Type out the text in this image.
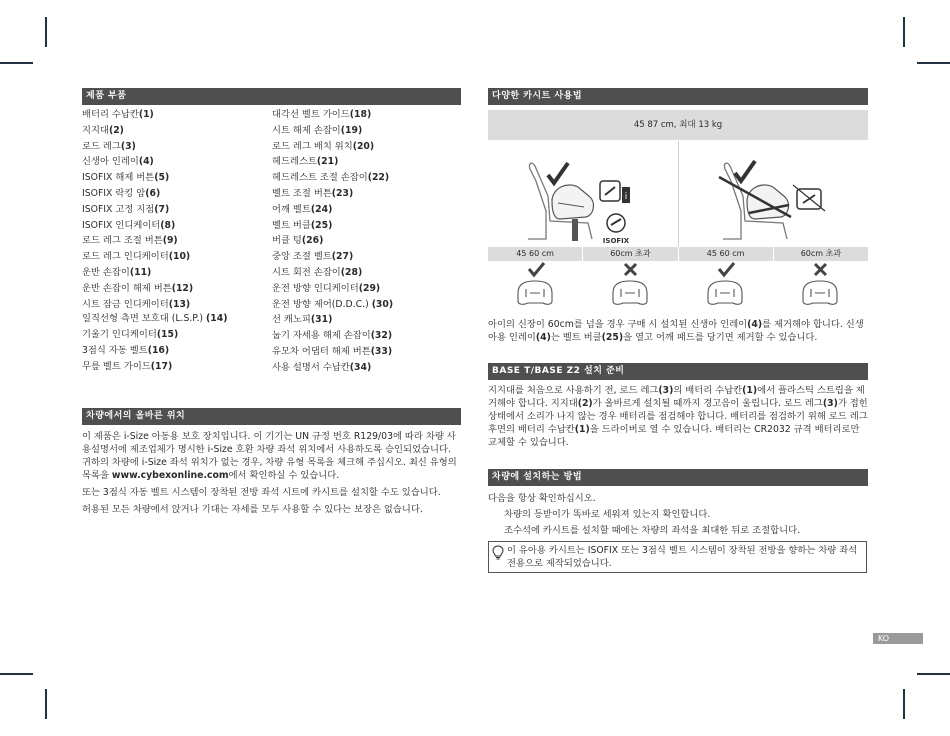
제품 부품
배터리 수납칸(1)
지지대(2)
로드 레그(3)
신생아 인레이(4)
ISOFIX 해제 버튼(5)
ISOFIX 락킹 암(6)
ISOFIX 고정 지점(7)
ISOFIX 인디케이터(8)
로드 레그 조절 버튼(9)
로드 레그 인디케이터(10)
운반 손잡이(11)
운반 손잡이 해제 버튼(12)
시트 잠금 인디케이터(13)
일직선형 측면 보호대 (L.S.P.) (14)
기울기 인디케이터(15)
3점식 자동 벨트(16)
무릎 벨트 가이드(17)
대각선 벨트 가이드(18)
시트 해제 손잡이(19)
로드 레그 배치 위치(20)
헤드레스트(21)
헤드레스트 조절 손잡이(22)
벨트 조절 버튼(23)
어깨 벨트(24)
벨트 버클(25)
버클 텅(26)
중앙 조절 벨트(27)
시트 회전 손잡이(28)
운전 방향 인디케이터(29)
운전 방향 제어(D.D.C.) (30)
선 캐노피(31)
눕기 자세용 해제 손잡이(32)
유모차 어댑터 해제 버튼(33)
사용 설명서 수납칸(34)
차량에서의 올바른 위치

이 제품은 i-Size 아동용 보호 장치입니다. 이 기기는 UN 규정 번호 R129/03에 따라 차량 사용설명서에 제조업체가 명시한 i-Size 호환 차량 좌석 위치에서 사용하도록 승인되었습니다. 귀하의 차량에 i-Size 좌석 위치가 없는 경우, 차량 유형 목록을 체크해 주십시오. 최신 유형의 목록을 www.cybexonline.com에서 확인하실 수 있습니다.

또는 3점식 자동 벨트 시스템이 장착된 전방 좌석 시트에 카시트를 설치할 수도 있습니다.

허용된 모든 차량에서 앉거나 기대는 자세를 모두 사용할 수 있다는 보장은 없습니다.

다양한 카시트 사용법
45 87 cm, 최대 13 kg
i
ISOFIX
45 60 cm	60cm 초과	45 60 cm	60cm 초과

아이의 신장이 60cm를 넘을 경우 구매 시 설치된 신생아 인레이(4)를 제거해야 합니다. 신생아용 인레이(4)는 벨트 버클(25)을 열고 어깨 패드를 당기면 제거할 수 있습니다.

BASE T/BASE Z2 설치 준비

지지대를 처음으로 사용하기 전, 로드 레그(3)의 배터리 수납칸(1)에서 플라스틱 스트립을 제거해야 합니다. 지지대(2)가 올바르게 설치될 때까지 경고음이 울립니다. 로드 레그(3)가 접힌 상태에서 소리가 나지 않는 경우 배터리를 점검해야 합니다. 배터리를 점검하기 위해 로드 레그 후면의 배터리 수납칸(1)을 드라이버로 열 수 있습니다. 배터리는 CR2032 규격 배터리로만 교체할 수 있습니다.

차량에 설치하는 방법
다음을 항상 확인하십시오.
차량의 등받이가 똑바로 세워져 있는지 확인합니다.
조수석에 카시트를 설치할 때에는 차량의 좌석을 최대한 뒤로 조절합니다.
이 유아용 카시트는 ISOFIX 또는 3점식 벨트 시스템이 장착된 전방을 향하는 차량 좌석 전용으로 제작되었습니다.
KO
